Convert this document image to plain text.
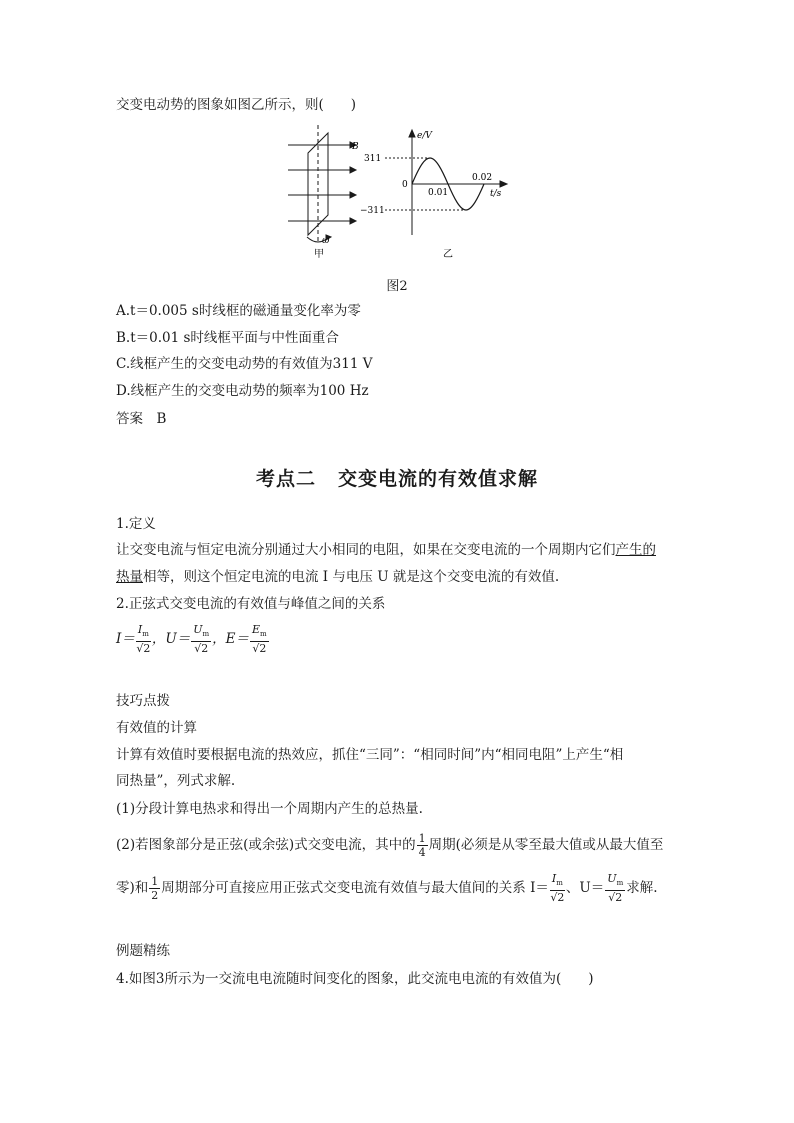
交变电动势的图象如图乙所示，则(　　)
B
ω
甲
e/V
t/s
311
−311
0
0.01
0.02
乙
图2
A.t＝0.005 s时线框的磁通量变化率为零
B.t＝0.01 s时线框平面与中性面重合
C.线框产生的交变电动势的有效值为311 V
D.线框产生的交变电动势的频率为100 Hz
答案　B
考点二 交变电流的有效值求解
1.定义
让交变电流与恒定电流分别通过大小相同的电阻，如果在交变电流的一个周期内它们产生的
热量相等，则这个恒定电流的电流 I 与电压 U 就是这个交变电流的有效值.
2.正弦式交变电流的有效值与峰值之间的关系
$I= \frac{I_m}{√2}$ ，$U= \frac{U_m}{√2}$ ，$E= \frac{E_m}{√2}$
技巧点拨
有效值的计算
计算有效值时要根据电流的热效应，抓住“三同”：“相同时间”内“相同电阻”上产生“相
同热量”，列式求解.
(1)分段计算电热求和得出一个周期内产生的总热量.
(2)若图象部分是正弦(或余弦)式交变电流，其中的 $\frac{1}{4}$ 周期(必须是从零至最大值或从最大值至
零)和 $\frac{1}{2}$ 周期部分可直接应用正弦式交变电流有效值与最大值间的关系 $I= \frac{I_m}{√2}$ 、$U= \frac{U_m}{√2}$ 求解.
例题精练
4.如图3所示为一交流电电流随时间变化的图象，此交流电电流的有效值为(　　)
